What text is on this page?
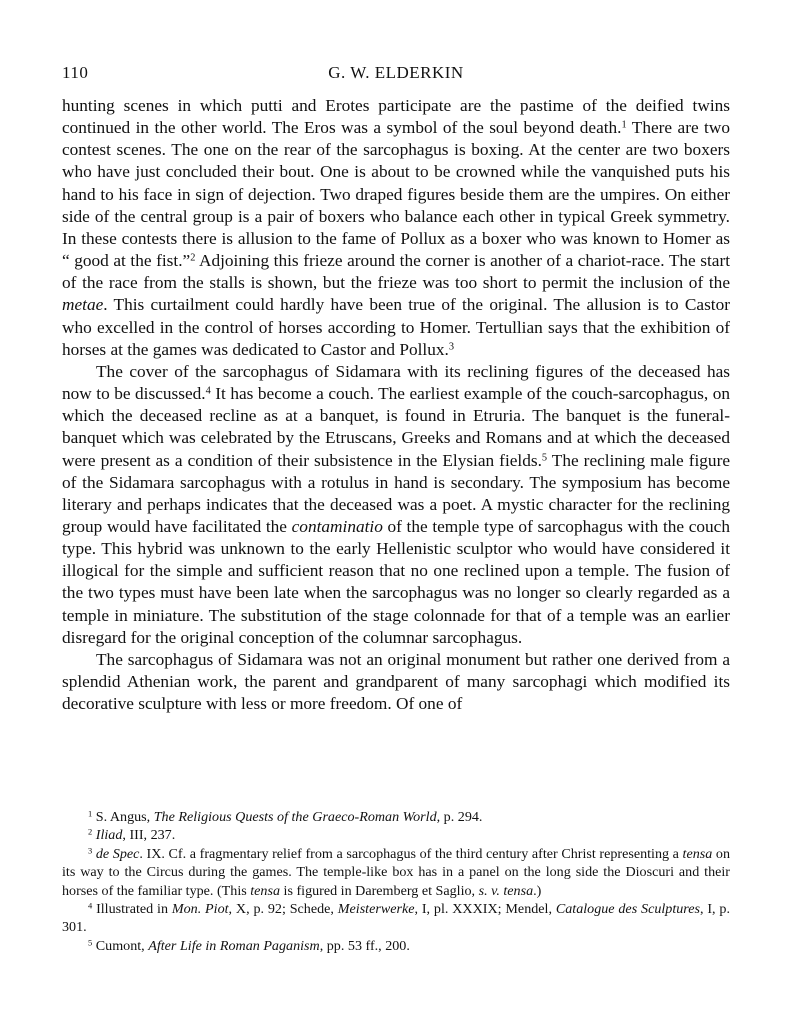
110	G. W. ELDERKIN

hunting scenes in which putti and Erotes participate are the pastime of the deified twins continued in the other world. The Eros was a symbol of the soul beyond death.$^1$ There are two contest scenes. The one on the rear of the sarcophagus is boxing. At the center are two boxers who have just concluded their bout. One is about to be crowned while the vanquished puts his hand to his face in sign of dejection. Two draped figures beside them are the umpires. On either side of the central group is a pair of boxers who balance each other in typical Greek symmetry. In these contests there is allusion to the fame of Pollux as a boxer who was known to Homer as “ good at the fist.”$^2$ Adjoining this frieze around the corner is another of a chariot-race. The start of the race from the stalls is shown, but the frieze was too short to permit the inclusion of the metae. This curtailment could hardly have been true of the original. The allusion is to Castor who excelled in the control of horses according to Homer. Tertullian says that the exhibition of horses at the games was dedicated to Castor and Pollux.$^3$

The cover of the sarcophagus of Sidamara with its reclining figures of the deceased has now to be discussed.$^4$ It has become a couch. The earliest example of the couch-sarcophagus, on which the deceased recline as at a banquet, is found in Etruria. The banquet is the funeral-banquet which was celebrated by the Etruscans, Greeks and Romans and at which the deceased were present as a condition of their subsistence in the Elysian fields.$^5$ The reclining male figure of the Sidamara sarcophagus with a rotulus in hand is secondary. The symposium has become literary and perhaps indicates that the deceased was a poet. A mystic character for the reclining group would have facilitated the contaminatio of the temple type of sarcophagus with the couch type. This hybrid was unknown to the early Hellenistic sculptor who would have considered it illogical for the simple and sufficient reason that no one reclined upon a temple. The fusion of the two types must have been late when the sarcophagus was no longer so clearly regarded as a temple in miniature. The substitution of the stage colonnade for that of a temple was an earlier disregard for the original conception of the columnar sarcophagus.

The sarcophagus of Sidamara was not an original monument but rather one derived from a splendid Athenian work, the parent and grandparent of many sarcophagi which modified its decorative sculpture with less or more freedom. Of one of

$^1$ S. Angus, The Religious Quests of the Graeco-Roman World, p. 294.

$^2$ Iliad, III, 237.

$^3$ de Spec. IX. Cf. a fragmentary relief from a sarcophagus of the third century after Christ representing a tensa on its way to the Circus during the games. The temple-like box has in a panel on the long side the Dioscuri and their horses of the familiar type. (This tensa is figured in Daremberg et Saglio, s. v. tensa.)

$^4$ Illustrated in Mon. Piot, X, p. 92; Schede, Meisterwerke, I, pl. XXXIX; Mendel, Catalogue des Sculptures, I, p. 301.

$^5$ Cumont, After Life in Roman Paganism, pp. 53 ff., 200.
